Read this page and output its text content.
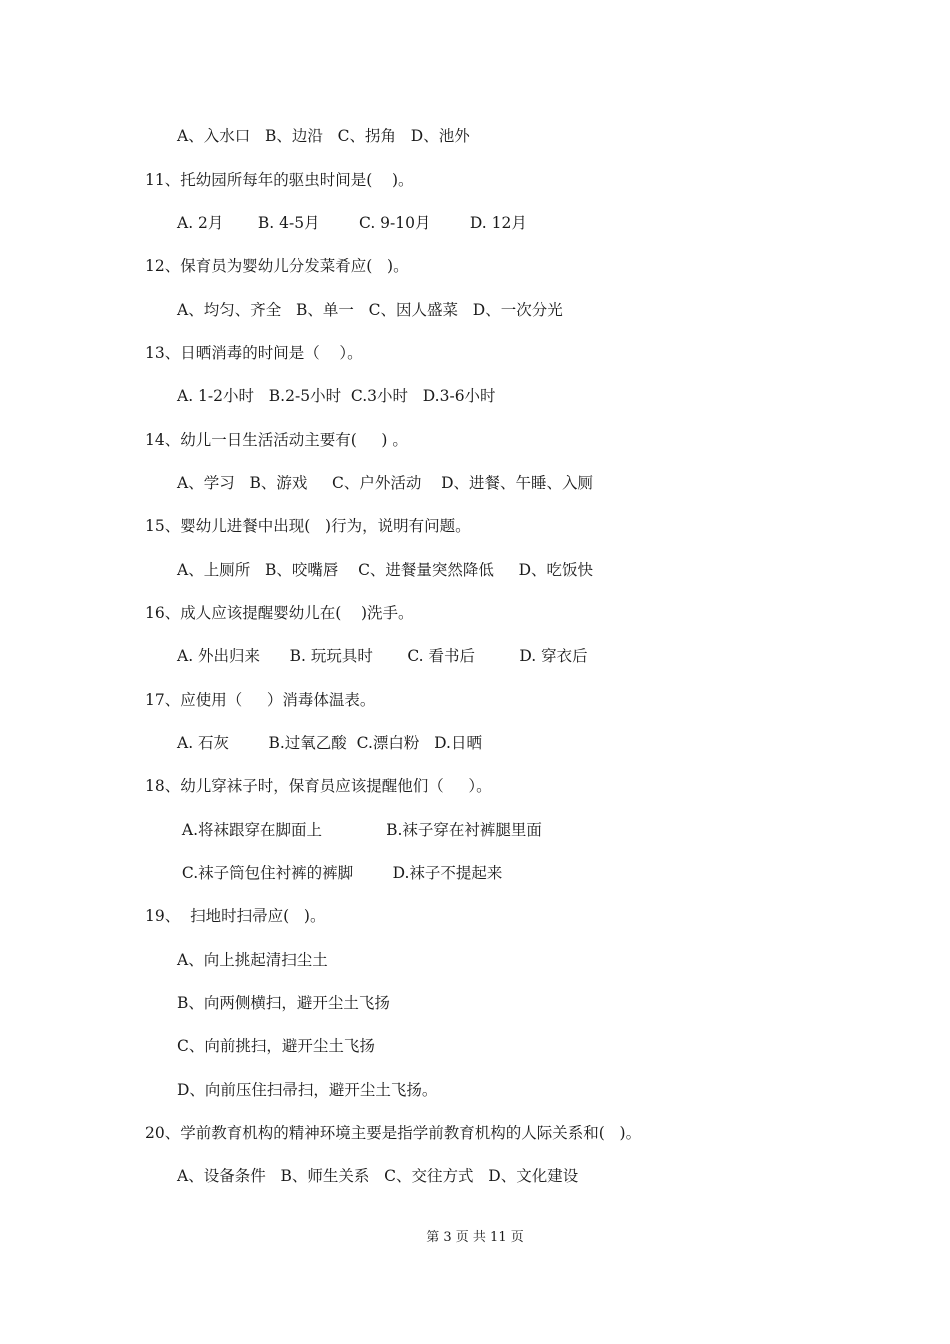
A、入水口   B、边沿   C、拐角   D、池外
11、托幼园所每年的驱虫时间是(    )。
A. 2月       B. 4-5月        C. 9-10月        D. 12月
12、保育员为婴幼儿分发菜肴应(   )。
A、均匀、齐全   B、单一   C、因人盛菜   D、一次分光
13、日晒消毒的时间是（    ）。
A. 1-2小时   B.2-5小时  C.3小时   D.3-6小时
14、幼儿一日生活活动主要有(     ) 。
A、学习   B、游戏     C、户外活动    D、进餐、午睡、入厕
15、婴幼儿进餐中出现(   )行为，说明有问题。
A、上厕所   B、咬嘴唇    C、进餐量突然降低     D、吃饭快
16、成人应该提醒婴幼儿在(    )洗手。
A. 外出归来      B. 玩玩具时       C. 看书后         D. 穿衣后
17、应使用（     ）消毒体温表。
A. 石灰        B.过氧乙酸  C.漂白粉   D.日晒
18、幼儿穿袜子时，保育员应该提醒他们（     ）。
A.将袜跟穿在脚面上             B.袜子穿在衬裤腿里面
C.袜子筒包住衬裤的裤脚        D.袜子不提起来
19、  扫地时扫帚应(   )。
A、向上挑起清扫尘土
B、向两侧横扫，避开尘土飞扬
C、向前挑扫，避开尘土飞扬
D、向前压住扫帚扫，避开尘土飞扬。
20、学前教育机构的精神环境主要是指学前教育机构的人际关系和(   )。
A、设备条件   B、师生关系   C、交往方式   D、文化建设
第 3 页 共 11 页
